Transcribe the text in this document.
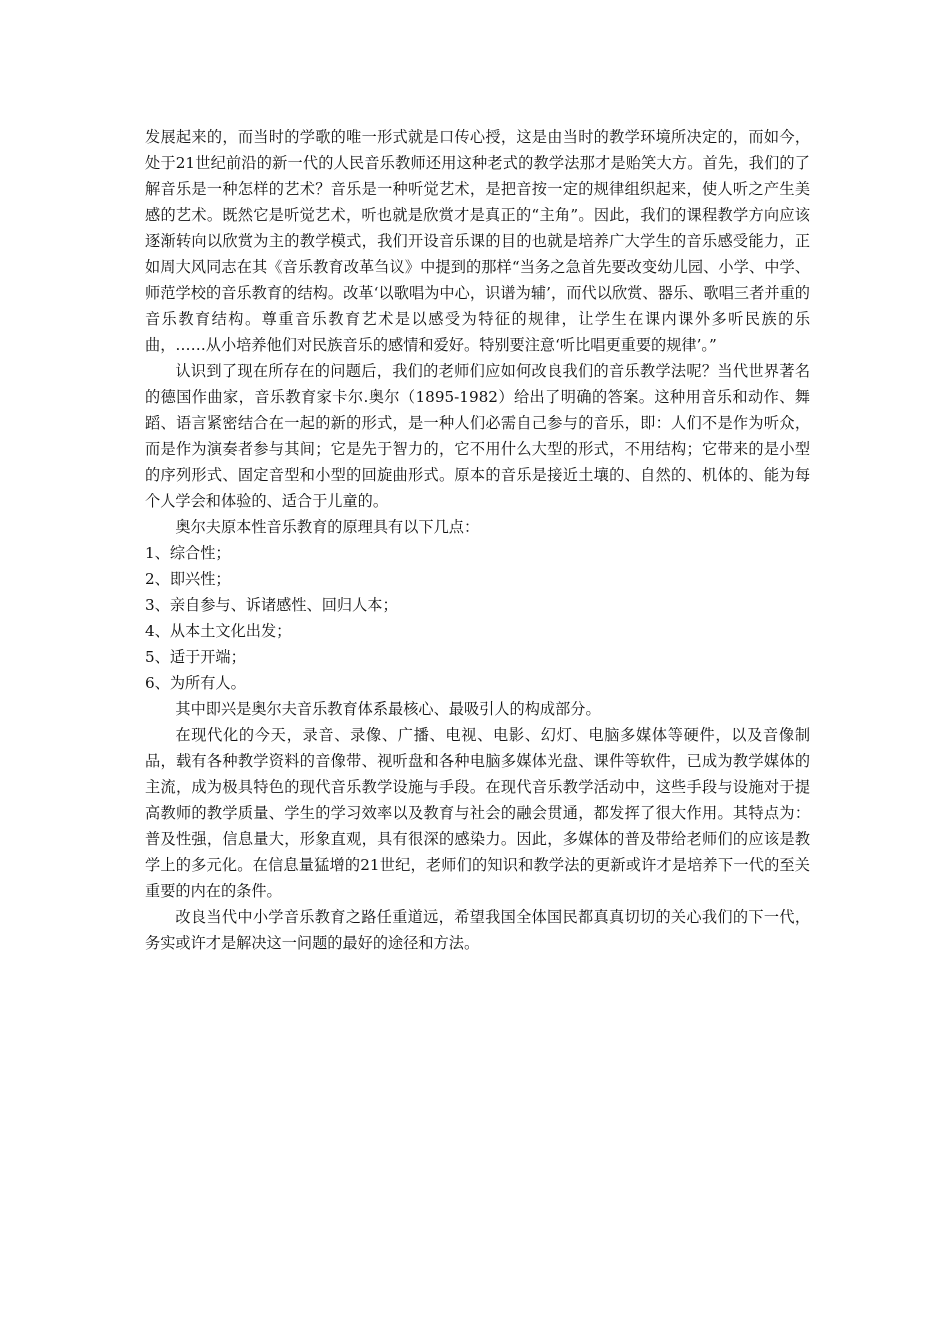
发展起来的，而当时的学歌的唯一形式就是口传心授，这是由当时的教学环境所决定的，而如今，处于21世纪前沿的新一代的人民音乐教师还用这种老式的教学法那才是贻笑大方。首先，我们的了解音乐是一种怎样的艺术？音乐是一种听觉艺术，是把音按一定的规律组织起来，使人听之产生美感的艺术。既然它是听觉艺术，听也就是欣赏才是真正的“主角”。因此，我们的课程教学方向应该逐渐转向以欣赏为主的教学模式，我们开设音乐课的目的也就是培养广大学生的音乐感受能力，正如周大风同志在其《音乐教育改革刍议》中提到的那样“当务之急首先要改变幼儿园、小学、中学、师范学校的音乐教育的结构。改革‘以歌唱为中心，识谱为辅’，而代以欣赏、器乐、歌唱三者并重的音乐教育结构。尊重音乐教育艺术是以感受为特征的规律，让学生在课内课外多听民族的乐曲，……从小培养他们对民族音乐的感情和爱好。特别要注意‘听比唱更重要的规律’。”

认识到了现在所存在的问题后，我们的老师们应如何改良我们的音乐教学法呢？当代世界著名的德国作曲家，音乐教育家卡尔.奥尔（1895-1982）给出了明确的答案。这种用音乐和动作、舞蹈、语言紧密结合在一起的新的形式，是一种人们必需自己参与的音乐，即：人们不是作为听众，而是作为演奏者参与其间；它是先于智力的，它不用什么大型的形式，不用结构；它带来的是小型的序列形式、固定音型和小型的回旋曲形式。原本的音乐是接近土壤的、自然的、机体的、能为每个人学会和体验的、适合于儿童的。

奥尔夫原本性音乐教育的原理具有以下几点：

1、综合性；

2、即兴性；

3、亲自参与、诉诸感性、回归人本；

4、从本土文化出发；

5、适于开端；

6、为所有人。

其中即兴是奥尔夫音乐教育体系最核心、最吸引人的构成部分。

在现代化的今天，录音、录像、广播、电视、电影、幻灯、电脑多媒体等硬件，以及音像制品，载有各种教学资料的音像带、视听盘和各种电脑多媒体光盘、课件等软件，已成为教学媒体的主流，成为极具特色的现代音乐教学设施与手段。在现代音乐教学活动中，这些手段与设施对于提高教师的教学质量、学生的学习效率以及教育与社会的融会贯通，都发挥了很大作用。其特点为：普及性强，信息量大，形象直观，具有很深的感染力。因此，多媒体的普及带给老师们的应该是教学上的多元化。在信息量猛增的21世纪，老师们的知识和教学法的更新或许才是培养下一代的至关重要的内在的条件。

改良当代中小学音乐教育之路任重道远，希望我国全体国民都真真切切的关心我们的下一代，务实或许才是解决这一问题的最好的途径和方法。
